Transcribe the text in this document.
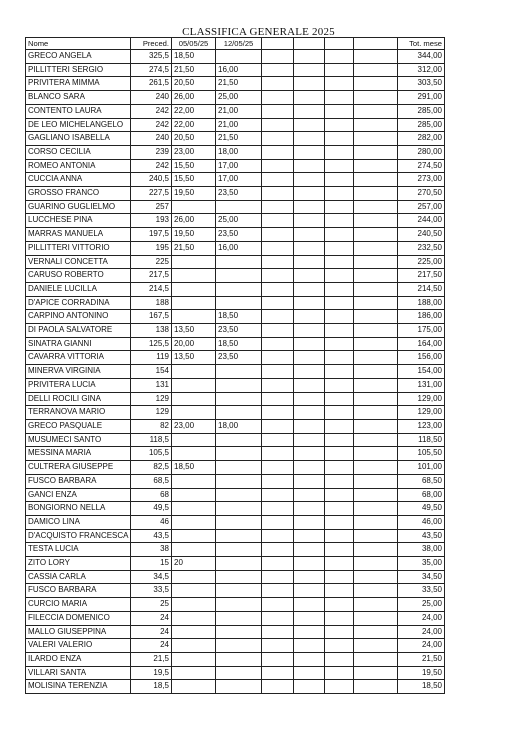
CLASSIFICA GENERALE 2025
Nome	Preced.	05/05/25	12/05/25					Tot. mese
GRECO ANGELA	325,5	18,50						344,00
PILLITTERI SERGIO	274,5	21,50	16,00					312,00
PRIVITERA MIMMA	261,5	20,50	21,50					303,50
BLANCO SARA	240	26,00	25,00					291,00
CONTENTO LAURA	242	22,00	21,00					285,00
DE LEO MICHELANGELO	242	22,00	21,00					285,00
GAGLIANO ISABELLA	240	20,50	21,50					282,00
CORSO CECILIA	239	23,00	18,00					280,00
ROMEO ANTONIA	242	15,50	17,00					274,50
CUCCIA ANNA	240,5	15,50	17,00					273,00
GROSSO FRANCO	227,5	19,50	23,50					270,50
GUARINO GUGLIELMO	257							257,00
LUCCHESE PINA	193	26,00	25,00					244,00
MARRAS MANUELA	197,5	19,50	23,50					240,50
PILLITTERI VITTORIO	195	21,50	16,00					232,50
VERNALI CONCETTA	225							225,00
CARUSO ROBERTO	217,5							217,50
DANIELE LUCILLA	214,5							214,50
D'APICE CORRADINA	188							188,00
CARPINO ANTONINO	167,5		18,50					186,00
DI PAOLA SALVATORE	138	13,50	23,50					175,00
SINATRA GIANNI	125,5	20,00	18,50					164,00
CAVARRA VITTORIA	119	13,50	23,50					156,00
MINERVA VIRGINIA	154							154,00
PRIVITERA LUCIA	131							131,00
DELLI ROCILI GINA	129							129,00
TERRANOVA MARIO	129							129,00
GRECO PASQUALE	82	23,00	18,00					123,00
MUSUMECI SANTO	118,5							118,50
MESSINA MARIA	105,5							105,50
CULTRERA GIUSEPPE	82,5	18,50						101,00
FUSCO BARBARA	68,5							68,50
GANCI ENZA	68							68,00
BONGIORNO NELLA	49,5							49,50
DAMICO LINA	46							46,00
D'ACQUISTO FRANCESCA	43,5							43,50
TESTA LUCIA	38							38,00
ZITO LORY	15	20						35,00
CASSIA CARLA	34,5							34,50
FUSCO BARBARA	33,5							33,50
CURCIO MARIA	25							25,00
FILECCIA DOMENICO	24							24,00
MALLO GIUSEPPINA	24							24,00
VALERI VALERIO	24							24,00
ILARDO ENZA	21,5							21,50
VILLARI SANTA	19,5							19,50
MOLISINA TERENZIA	18,5							18,50
